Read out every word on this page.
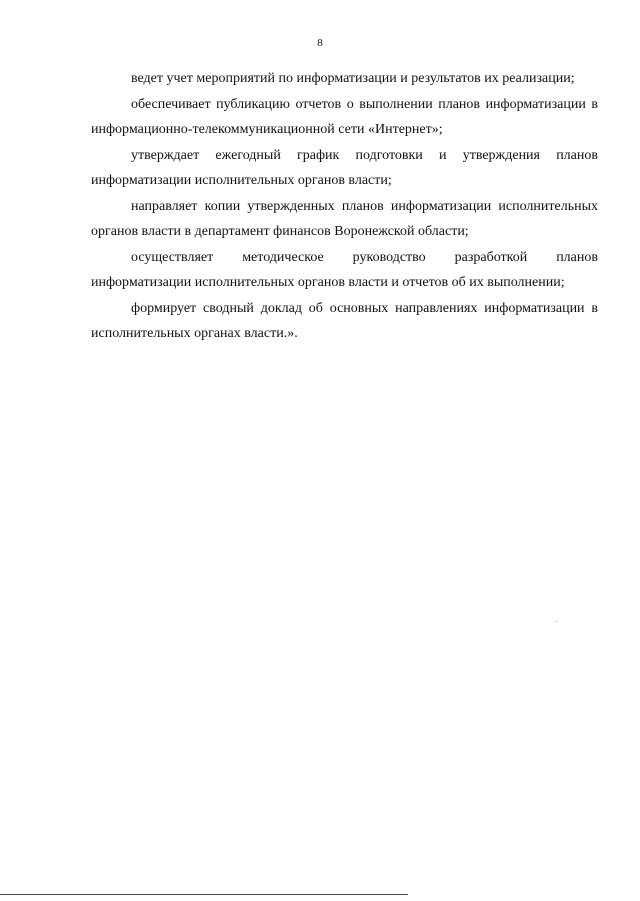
8

ведет учет мероприятий по информатизации и результатов их реализации;

обеспечивает публикацию отчетов о выполнении планов информатизации в информационно-телекоммуникационной сети «Интернет»;

утверждает ежегодный график подготовки и утверждения планов информатизации исполнительных органов власти;

направляет копии утвержденных планов информатизации исполнительных органов власти в департамент финансов Воронежской области;

осуществляет методическое руководство разработкой планов информатизации исполнительных органов власти и отчетов об их выполнении;

формирует сводный доклад об основных направлениях информатизации в исполнительных органах власти.».
